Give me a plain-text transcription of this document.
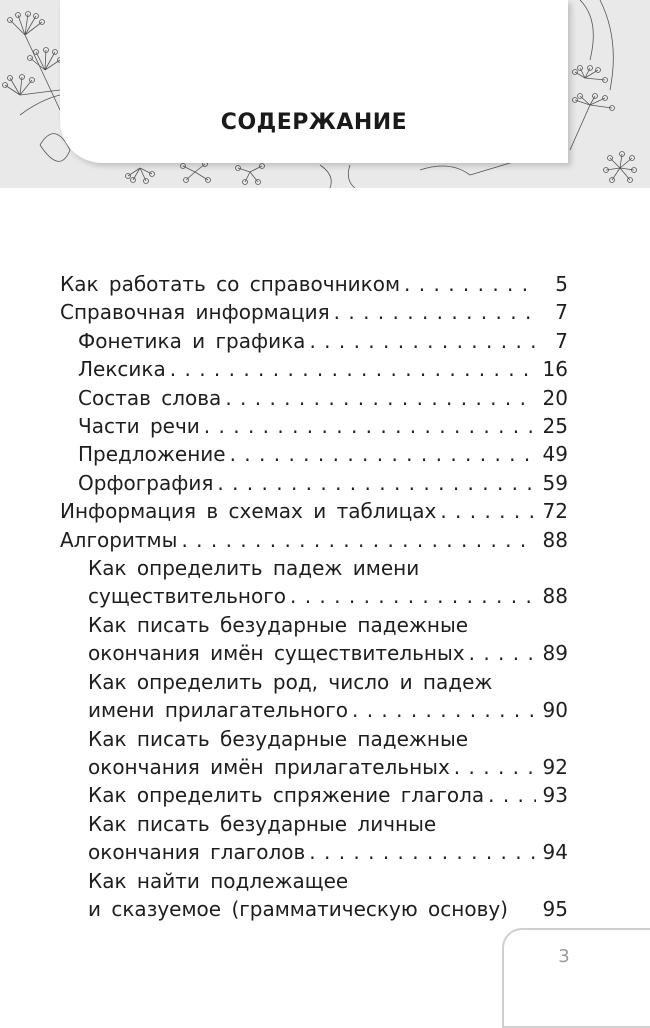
СОДЕРЖАНИЕ
Как работать со справочником . . .	5
Справочная информация . . .	7
Фонетика и графика . . .	7
Лексика . . .	16
Состав слова . . .	20
Части речи . . .	25
Предложение . . .	49
Орфография . . .	59
Информация в схемах и таблицах . . .	72
Алгоритмы . . .	88
Как определить падеж имени
существительного . . .	88
Как писать безударные падежные
окончания имён существительных . . .	89
Как определить род, число и падеж
имени прилагательного . . .	90
Как писать безударные падежные
окончания имён прилагательных . . .	92
Как определить спряжение глагола . . .	93
Как писать безударные личные
окончания глаголов . . .	94
Как найти подлежащее
и сказуемое (грамматическую основу) 95
3
